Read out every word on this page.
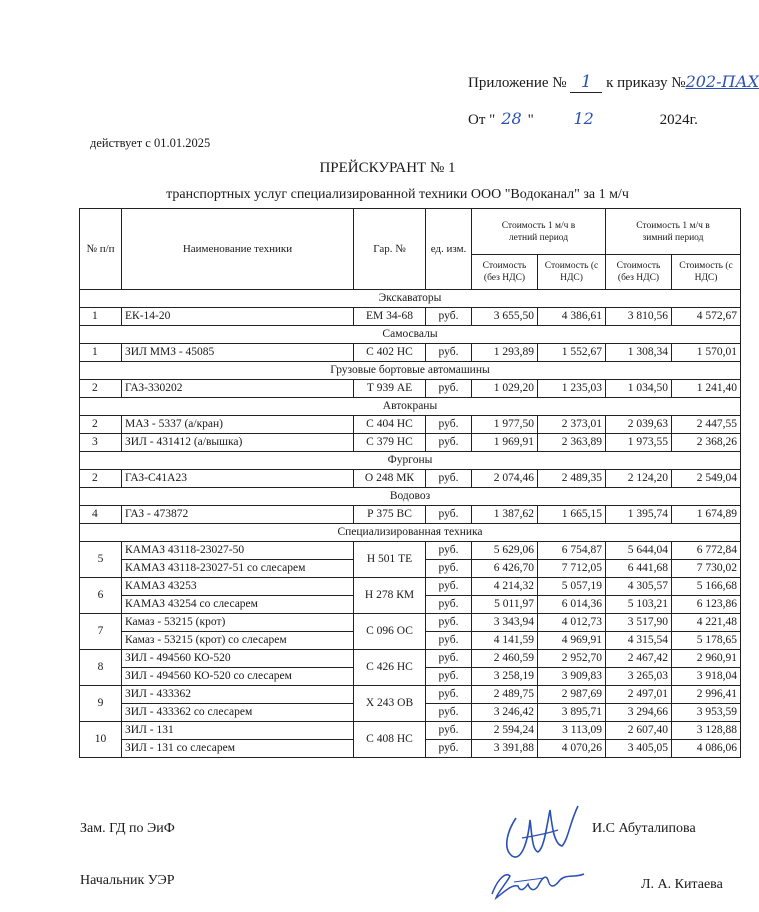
Приложение № 1 к приказу №202-ПАХ
От " 28 " 12	2024г.
действует с 01.01.2025
ПРЕЙСКУРАНТ № 1
транспортных услуг специализированной техники ООО "Водоканал" за 1 м/ч
№ п/п	Наименование техники	Гар. №	ед. изм.	Стоимость 1 м/ч в летний период		Стоимость 1 м/ч в зимний период	
				Стоимость (без НДС)	Стоимость (с НДС)	Стоимость (без НДС)	Стоимость (с НДС)
Экскаваторы							
1	ЕК-14-20	ЕМ 34-68	руб.	3 655,50	4 386,61	3 810,56	4 572,67
Самосвалы							
1	ЗИЛ ММЗ - 45085	С 402 НС	руб.	1 293,89	1 552,67	1 308,34	1 570,01
Грузовые бортовые автомашины							
2	ГАЗ-330202	Т 939 АЕ	руб.	1 029,20	1 235,03	1 034,50	1 241,40
Автокраны							
2	МАЗ - 5337 (а/кран)	С 404 НС	руб.	1 977,50	2 373,01	2 039,63	2 447,55
3	ЗИЛ - 431412 (а/вышка)	С 379 НС	руб.	1 969,91	2 363,89	1 973,55	2 368,26
Фургоны							
2	ГАЗ-С41А23	О 248 МК	руб.	2 074,46	2 489,35	2 124,20	2 549,04
Водовоз							
4	ГАЗ - 473872	Р 375 ВС	руб.	1 387,62	1 665,15	1 395,74	1 674,89
Специализированная техника							
5	КАМАЗ 43118-23027-50	Н 501 ТЕ	руб.	5 629,06	6 754,87	5 644,04	6 772,84
	КАМАЗ 43118-23027-51 со слесарем		руб.	6 426,70	7 712,05	6 441,68	7 730,02
6	КАМАЗ 43253	Н 278 КМ	руб.	4 214,32	5 057,19	4 305,57	5 166,68
	КАМАЗ 43254 со слесарем		руб.	5 011,97	6 014,36	5 103,21	6 123,86
7	Камаз - 53215 (крот)	С 096 ОС	руб.	3 343,94	4 012,73	3 517,90	4 221,48
	Камаз - 53215 (крот) со слесарем		руб.	4 141,59	4 969,91	4 315,54	5 178,65
8	ЗИЛ - 494560 КО-520	С 426 НС	руб.	2 460,59	2 952,70	2 467,42	2 960,91
	ЗИЛ - 494560 КО-520 со слесарем		руб.	3 258,19	3 909,83	3 265,03	3 918,04
9	ЗИЛ - 433362	Х 243 ОВ	руб.	2 489,75	2 987,69	2 497,01	2 996,41
	ЗИЛ - 433362 со слесарем		руб.	3 246,42	3 895,71	3 294,66	3 953,59
10	ЗИЛ - 131	С 408 НС	руб.	2 594,24	3 113,09	2 607,40	3 128,88
	ЗИЛ - 131 со слесарем		руб.	3 391,88	4 070,26	3 405,05	4 086,06
Зам. ГД по ЭиФ	И.С Абуталипова
Начальник УЭР	Л. А. Китаева
